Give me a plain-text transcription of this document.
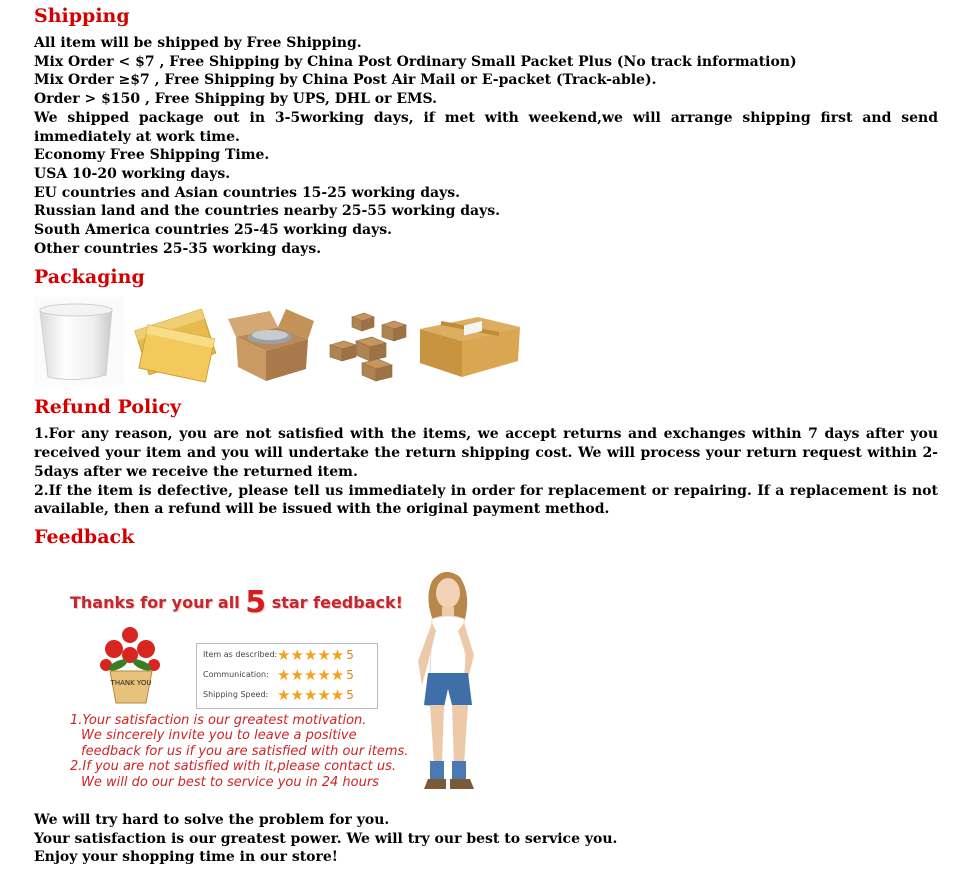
Shipping
All item will be shipped by Free Shipping.
Mix Order < $7 , Free Shipping by China Post Ordinary Small Packet Plus (No track information)
Mix Order ≥$7 , Free Shipping by China Post Air Mail or E-packet (Track-able).
Order > $150 , Free Shipping by UPS, DHL or EMS.
We shipped package out in 3-5working days, if met with weekend,we will arrange shipping first and send immediately at work time.
Economy Free Shipping Time.
USA 10-20 working days.
EU countries and Asian countries 15-25 working days.
Russian land and the countries nearby 25-55 working days.
South America countries 25-45 working days.
Other countries 25-35 working days.
Packaging
Refund Policy
1.For any reason, you are not satisfied with the items, we accept returns and exchanges within 7 days after you received your item and you will undertake the return shipping cost. We will process your return request within 2-5days after we receive the returned item.
2.If the item is defective, please tell us immediately in order for replacement or repairing. If a replacement is not available, then a refund will be issued with the original payment method.
Feedback
Thanks for your all 5 star feedback!
THANK YOU
Item as described: ★★★★★ 5
Communication: ★★★★★ 5
Shipping Speed: ★★★★★ 5
1.Your satisfaction is our greatest motivation.
We sincerely invite you to leave a positive
feedback for us if you are satisfied with our items.
2.If you are not satisfied with it,please contact us.
We will do our best to service you in 24 hours
We will try hard to solve the problem for you.
Your satisfaction is our greatest power. We will try our best to service you.
Enjoy your shopping time in our store!
